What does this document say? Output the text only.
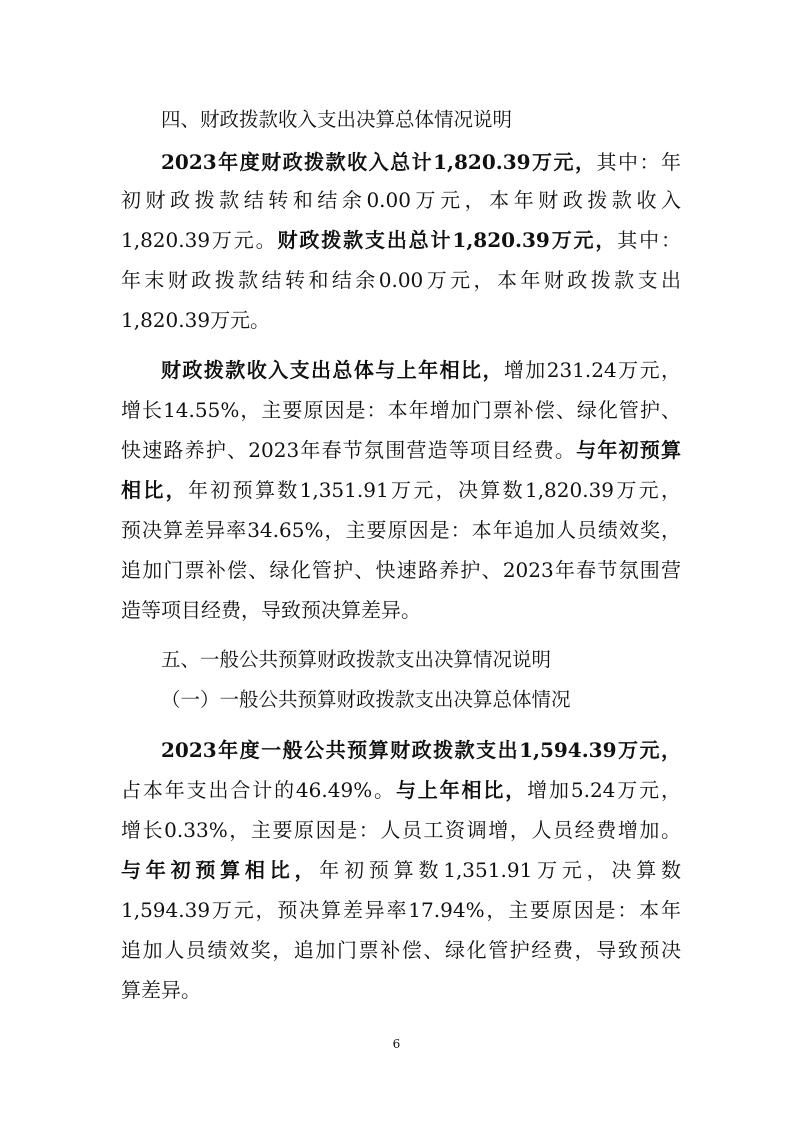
四、财政拨款收入支出决算总体情况说明
2023年度财政拨款收入总计1,820.39万元，其中：年
初财政拨款结转和结余0.00万元，本年财政拨款收入
1,820.39万元。财政拨款支出总计1,820.39万元，其中：
年末财政拨款结转和结余0.00万元，本年财政拨款支出
1,820.39万元。
财政拨款收入支出总体与上年相比，增加231.24万元，
增长14.55%，主要原因是：本年增加门票补偿、绿化管护、
快速路养护、2023年春节氛围营造等项目经费。与年初预算
相比，年初预算数1,351.91万元，决算数1,820.39万元，
预决算差异率34.65%，主要原因是：本年追加人员绩效奖，
追加门票补偿、绿化管护、快速路养护、2023年春节氛围营
造等项目经费，导致预决算差异。
五、一般公共预算财政拨款支出决算情况说明
（一）一般公共预算财政拨款支出决算总体情况
2023年度一般公共预算财政拨款支出1,594.39万元，
占本年支出合计的46.49%。与上年相比，增加5.24万元，
增长0.33%，主要原因是：人员工资调增，人员经费增加。
与年初预算相比，年初预算数1,351.91万元，决算数
1,594.39万元，预决算差异率17.94%，主要原因是：本年
追加人员绩效奖，追加门票补偿、绿化管护经费，导致预决
算差异。
6
